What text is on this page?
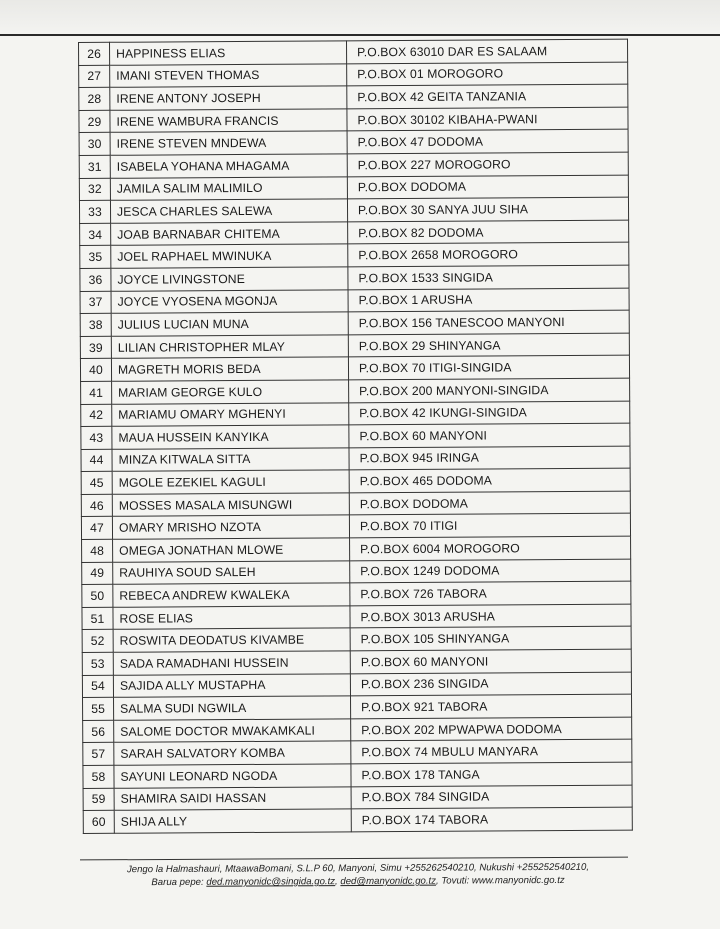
26	HAPPINESS ELIAS	P.O.BOX 63010 DAR ES SALAAM
27	IMANI STEVEN THOMAS	P.O.BOX 01 MOROGORO
28	IRENE ANTONY JOSEPH	P.O.BOX 42 GEITA TANZANIA
29	IRENE WAMBURA FRANCIS	P.O.BOX 30102 KIBAHA-PWANI
30	IRENE STEVEN MNDEWA	P.O.BOX 47 DODOMA
31	ISABELA YOHANA MHAGAMA	P.O.BOX 227 MOROGORO
32	JAMILA SALIM MALIMILO	P.O.BOX DODOMA
33	JESCA CHARLES SALEWA	P.O.BOX 30 SANYA JUU SIHA
34	JOAB BARNABAR CHITEMA	P.O.BOX 82 DODOMA
35	JOEL RAPHAEL MWINUKA	P.O.BOX 2658 MOROGORO
36	JOYCE LIVINGSTONE	P.O.BOX 1533 SINGIDA
37	JOYCE VYOSENA MGONJA	P.O.BOX 1 ARUSHA
38	JULIUS LUCIAN MUNA	P.O.BOX 156 TANESCOO MANYONI
39	LILIAN CHRISTOPHER MLAY	P.O.BOX 29 SHINYANGA
40	MAGRETH MORIS BEDA	P.O.BOX 70 ITIGI-SINGIDA
41	MARIAM GEORGE KULO	P.O.BOX 200 MANYONI-SINGIDA
42	MARIAMU OMARY MGHENYI	P.O.BOX 42 IKUNGI-SINGIDA
43	MAUA HUSSEIN KANYIKA	P.O.BOX 60 MANYONI
44	MINZA KITWALA SITTA	P.O.BOX 945 IRINGA
45	MGOLE EZEKIEL KAGULI	P.O.BOX 465 DODOMA
46	MOSSES MASALA MISUNGWI	P.O.BOX DODOMA
47	OMARY MRISHO NZOTA	P.O.BOX 70 ITIGI
48	OMEGA JONATHAN MLOWE	P.O.BOX 6004 MOROGORO
49	RAUHIYA SOUD SALEH	P.O.BOX 1249 DODOMA
50	REBECA ANDREW KWALEKA	P.O.BOX 726 TABORA
51	ROSE ELIAS	P.O.BOX 3013 ARUSHA
52	ROSWITA DEODATUS KIVAMBE	P.O.BOX 105 SHINYANGA
53	SADA RAMADHANI HUSSEIN	P.O.BOX 60 MANYONI
54	SAJIDA ALLY MUSTAPHA	P.O.BOX 236 SINGIDA
55	SALMA SUDI NGWILA	P.O.BOX 921 TABORA
56	SALOME DOCTOR MWAKAMKALI	P.O.BOX 202 MPWAPWA DODOMA
57	SARAH SALVATORY KOMBA	P.O.BOX 74 MBULU MANYARA
58	SAYUNI LEONARD NGODA	P.O.BOX 178 TANGA
59	SHAMIRA SAIDI HASSAN	P.O.BOX 784 SINGIDA
60	SHIJA ALLY	P.O.BOX 174 TABORA
Jengo la Halmashauri, MtaawaBomani, S.L.P 60, Manyoni, Simu +255262540210, Nukushi +255252540210,
Barua pepe: ded.manyonidc@singida.go.tz, ded@manyonidc.go.tz, Tovuti: www.manyonidc.go.tz
